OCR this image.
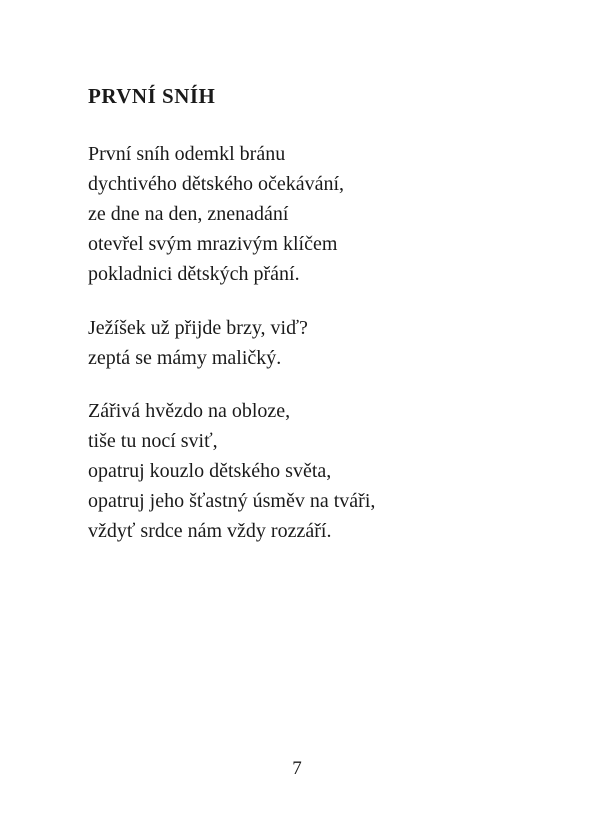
PRVNÍ SNÍH
První sníh odemkl bránu
dychtivého dětského očekávání,
ze dne na den, znenadání
otevřel svým mrazivým klíčem
pokladnici dětských přání.
Ježíšek už přijde brzy, viď?
zeptá se mámy maličký.
Zářivá hvězdo na obloze,
tiše tu nocí sviť,
opatruj kouzlo dětského světa,
opatruj jeho šťastný úsměv na tváři,
vždyť srdce nám vždy rozzáří.

7
